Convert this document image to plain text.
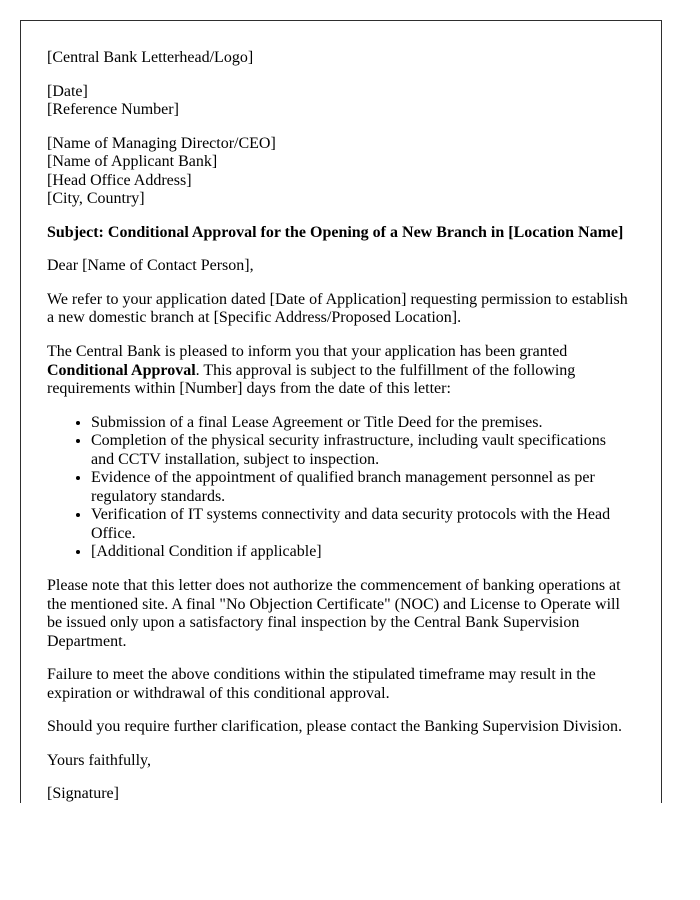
[Central Bank Letterhead/Logo]

[Date]
[Reference Number]

[Name of Managing Director/CEO]
[Name of Applicant Bank]
[Head Office Address]
[City, Country]

Subject: Conditional Approval for the Opening of a New Branch in [Location Name]

Dear [Name of Contact Person],

We refer to your application dated [Date of Application] requesting permission to establish a new domestic branch at [Specific Address/Proposed Location].

The Central Bank is pleased to inform you that your application has been granted Conditional Approval. This approval is subject to the fulfillment of the following requirements within [Number] days from the date of this letter:

• Submission of a final Lease Agreement or Title Deed for the premises.
• Completion of the physical security infrastructure, including vault specifications and CCTV installation, subject to inspection.
• Evidence of the appointment of qualified branch management personnel as per regulatory standards.
• Verification of IT systems connectivity and data security protocols with the Head Office.
• [Additional Condition if applicable]

Please note that this letter does not authorize the commencement of banking operations at the mentioned site. A final "No Objection Certificate" (NOC) and License to Operate will be issued only upon a satisfactory final inspection by the Central Bank Supervision Department.

Failure to meet the above conditions within the stipulated timeframe may result in the expiration or withdrawal of this conditional approval.

Should you require further clarification, please contact the Banking Supervision Division.

Yours faithfully,

[Signature]
